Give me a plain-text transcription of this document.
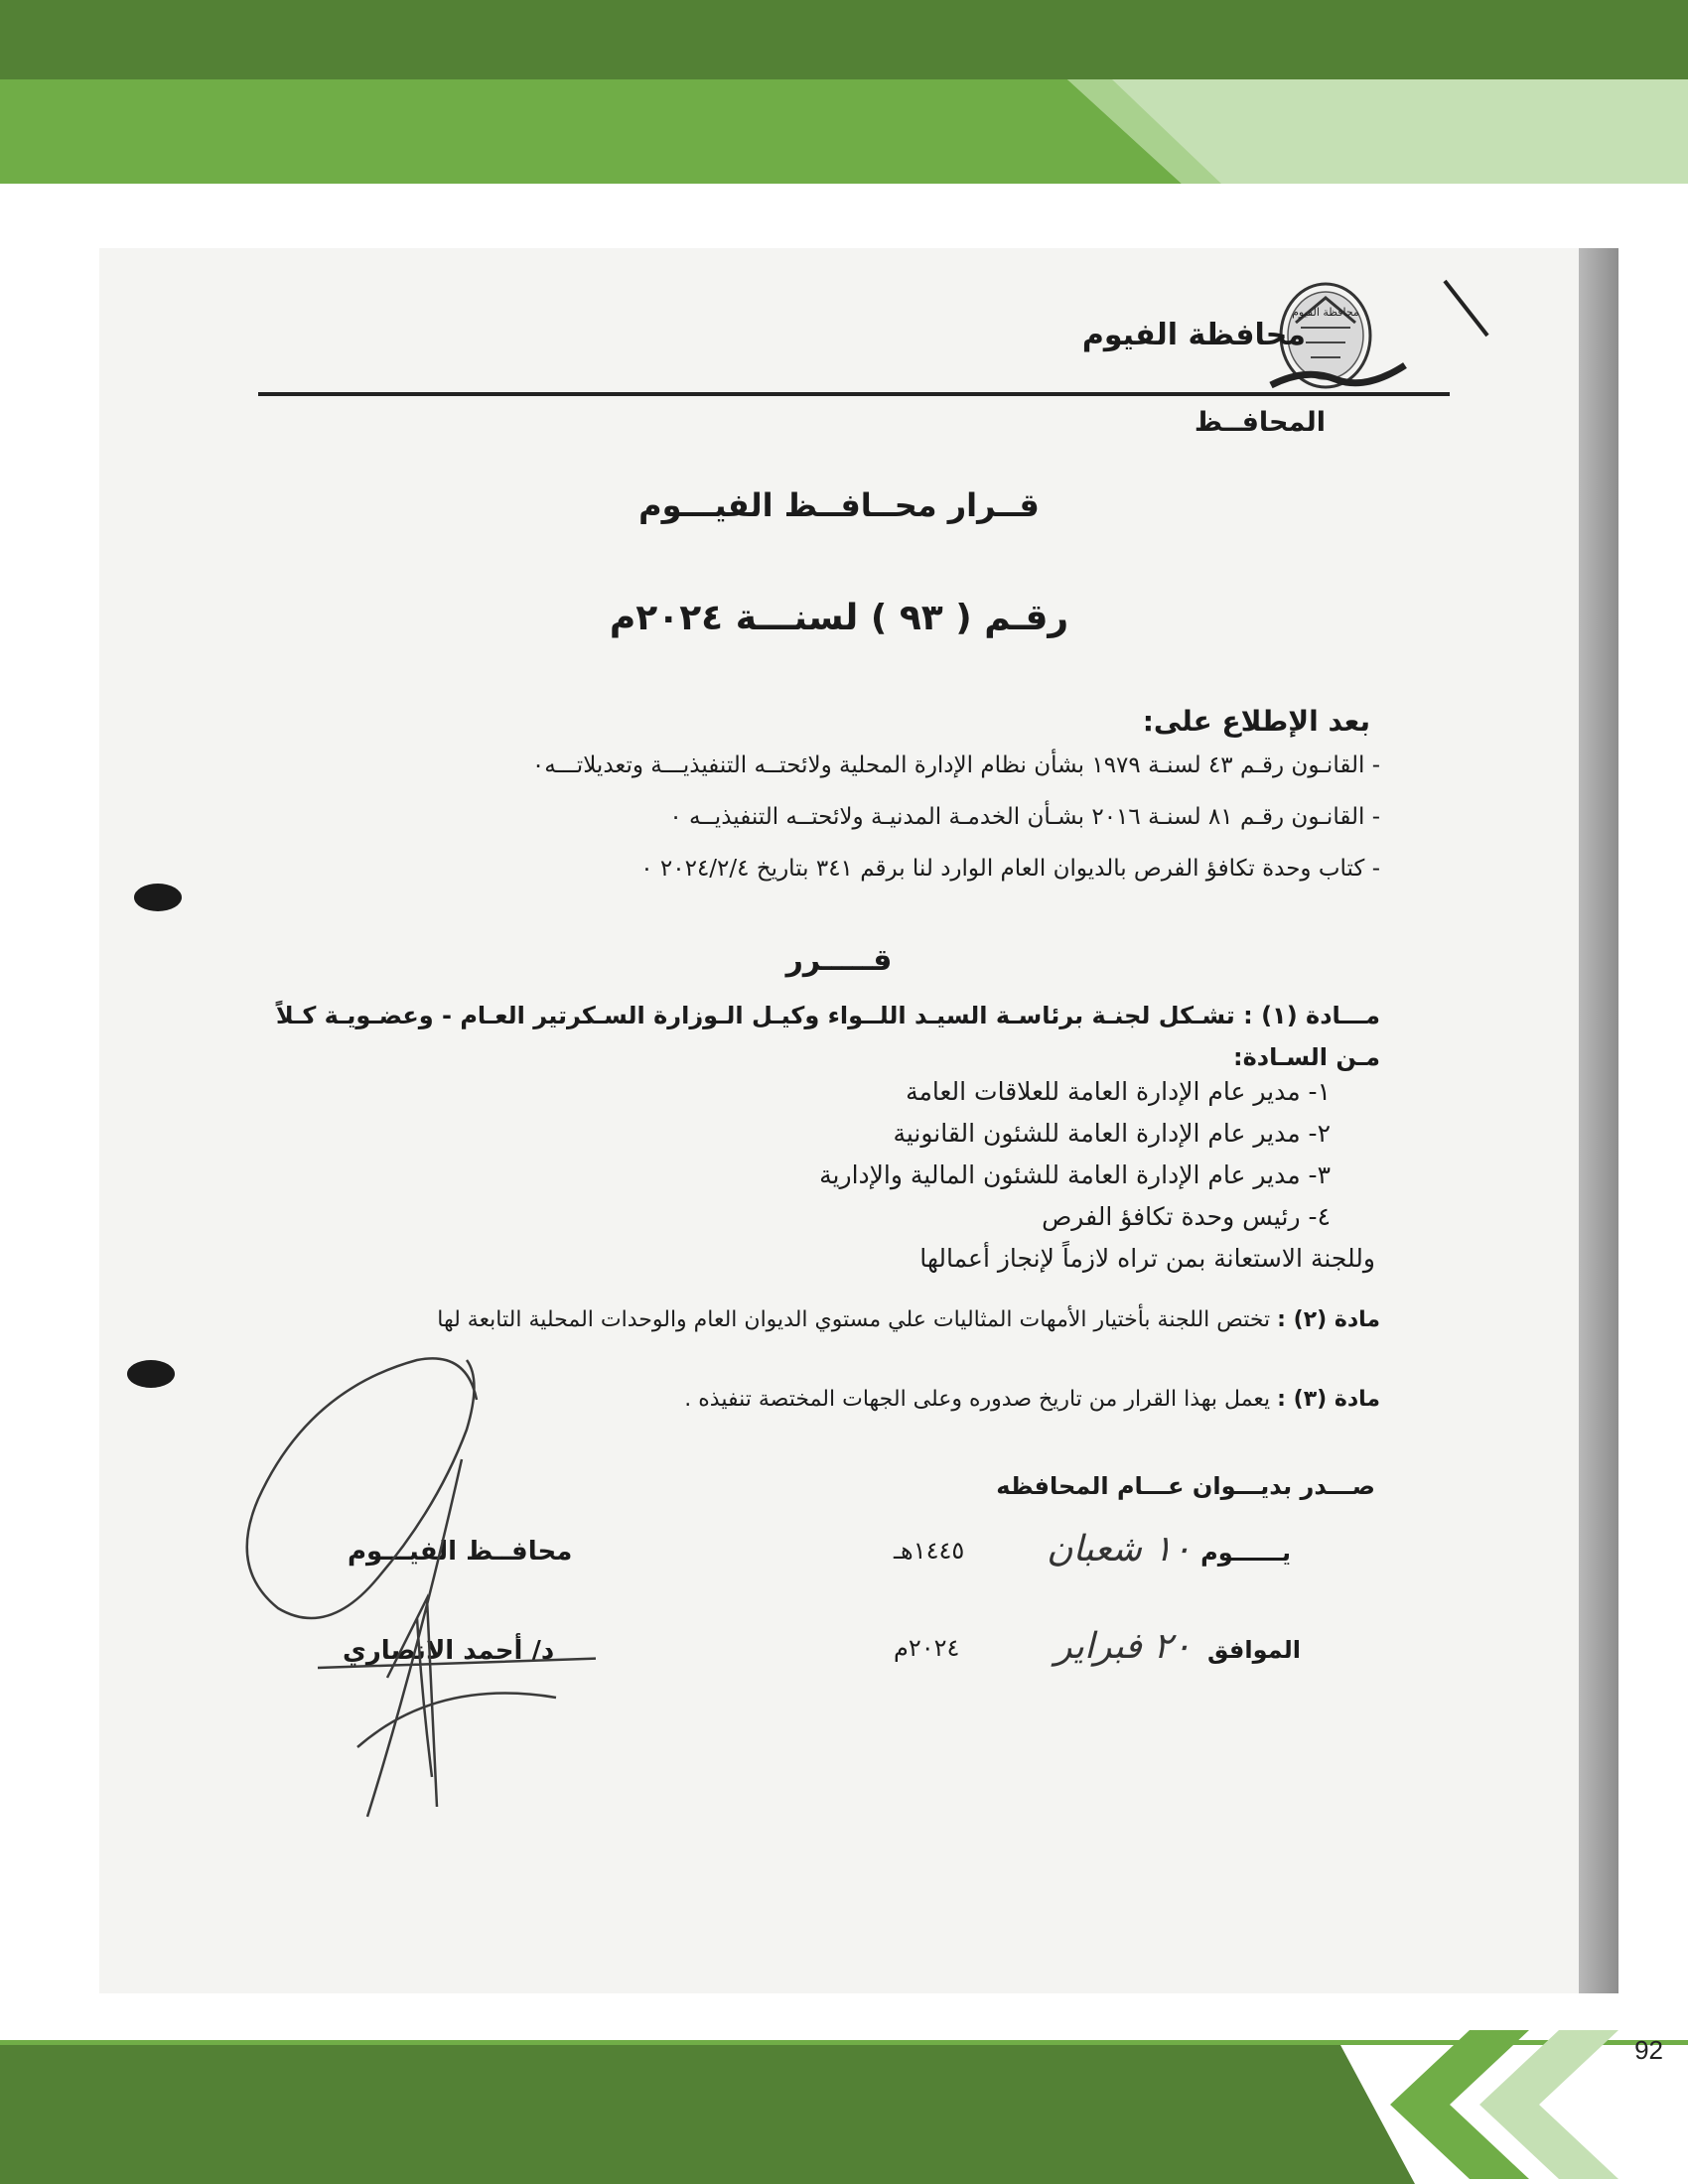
محافظة الفيوم
محافظة الفيوم
المحافــظ
قــرار محــافــظ الفيـــوم
رقـم ( ٩٣ ) لسنـــة ٢٠٢٤م
بعد الإطلاع على:
- القانـون رقـم ٤٣ لسنـة ١٩٧٩ بشأن نظام الإدارة المحلية ولائحتــه التنفيذيـــة وتعديلاتـــه٠
- القانـون رقـم ٨١ لسنـة ٢٠١٦ بشـأن الخدمـة المدنيـة ولائحتــه التنفيذيــه ٠
- كتاب وحدة تكافؤ الفرص بالديوان العام الوارد لنا برقم ٣٤١ بتاريخ ٢٠٢٤/٢/٤ ٠
قـــــرر
مـــادة (١) : تشـكل لجنـة برئاسـة السيـد اللــواء وكيـل الـوزارة السـكرتير العـام - وعضـويـة كـلاً مـن السـادة:
١- مدير عام الإدارة العامة للعلاقات العامة
٢- مدير عام الإدارة العامة للشئون القانونية
٣- مدير عام الإدارة العامة للشئون المالية والإدارية
٤- رئيس وحدة تكافؤ الفرص
وللجنة الاستعانة بمن تراه لازماً لإنجاز أعمالها
مادة (٢) : تختص اللجنة بأختيار الأمهات المثاليات علي مستوي الديوان العام والوحدات المحلية التابعة لها
مادة (٣) : يعمل بهذا القرار من تاريخ صدوره وعلى الجهات المختصة تنفيذه .
صـــدر بديـــوان عـــام المحافظه
يــــــوم
١٠ شعبان
١٤٤٥هـ
الموافق
٢٠ فبراير
٢٠٢٤م
محافــظ الفيـــوم
د/ أحمد الانصاري
92
